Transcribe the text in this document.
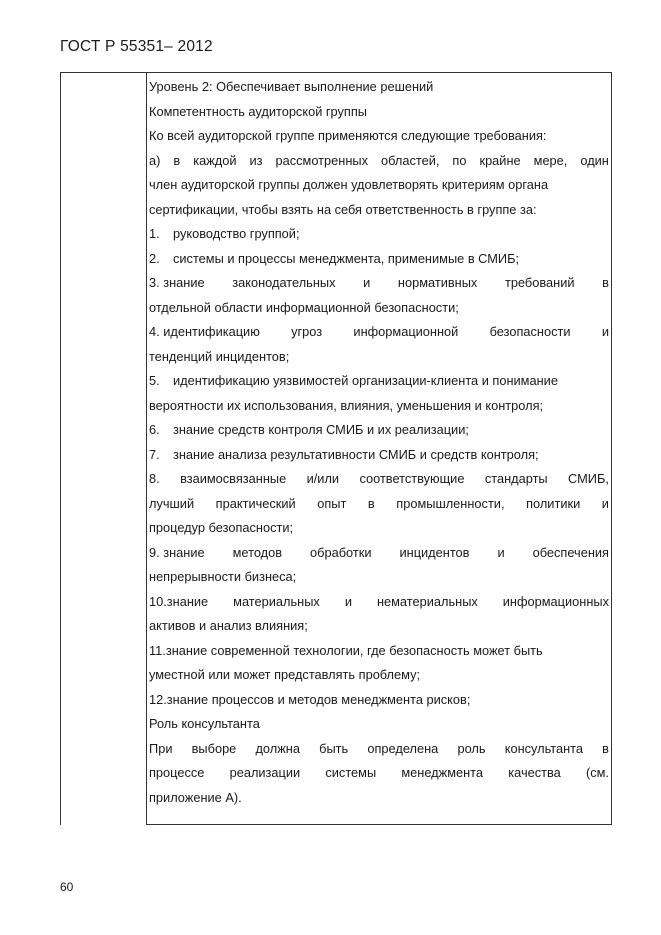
ГОСТ Р 55351– 2012
Уровень 2: Обеспечивает выполнение решений
Компетентность аудиторской группы
Ко всей аудиторской группе применяются следующие требования:
а) в каждой из рассмотренных областей, по крайне мере, один
член аудиторской группы должен удовлетворять критериям органа
сертификации, чтобы взять на себя ответственность в группе за:
1. руководство группой;
2. системы и процессы менеджмента, применимые в СМИБ;
3. знание законодательных и нормативных требований в
отдельной области информационной безопасности;
4. идентификацию угроз информационной безопасности и
тенденций инцидентов;
5. идентификацию уязвимостей организации-клиента и понимание
вероятности их использования, влияния, уменьшения и контроля;
6. знание средств контроля СМИБ и их реализации;
7. знание анализа результативности СМИБ и средств контроля;
8. взаимосвязанные и/или соответствующие стандарты СМИБ,
лучший практический опыт в промышленности, политики и
процедур безопасности;
9. знание методов обработки инцидентов и обеспечения
непрерывности бизнеса;
10.знание материальных и нематериальных информационных
активов и анализ влияния;
11.знание современной технологии, где безопасность может быть
уместной или может представлять проблему;
12.знание процессов и методов менеджмента рисков;
Роль консультанта
При выборе должна быть определена роль консультанта в
процессе реализации системы менеджмента качества (см.
приложение А).
60
